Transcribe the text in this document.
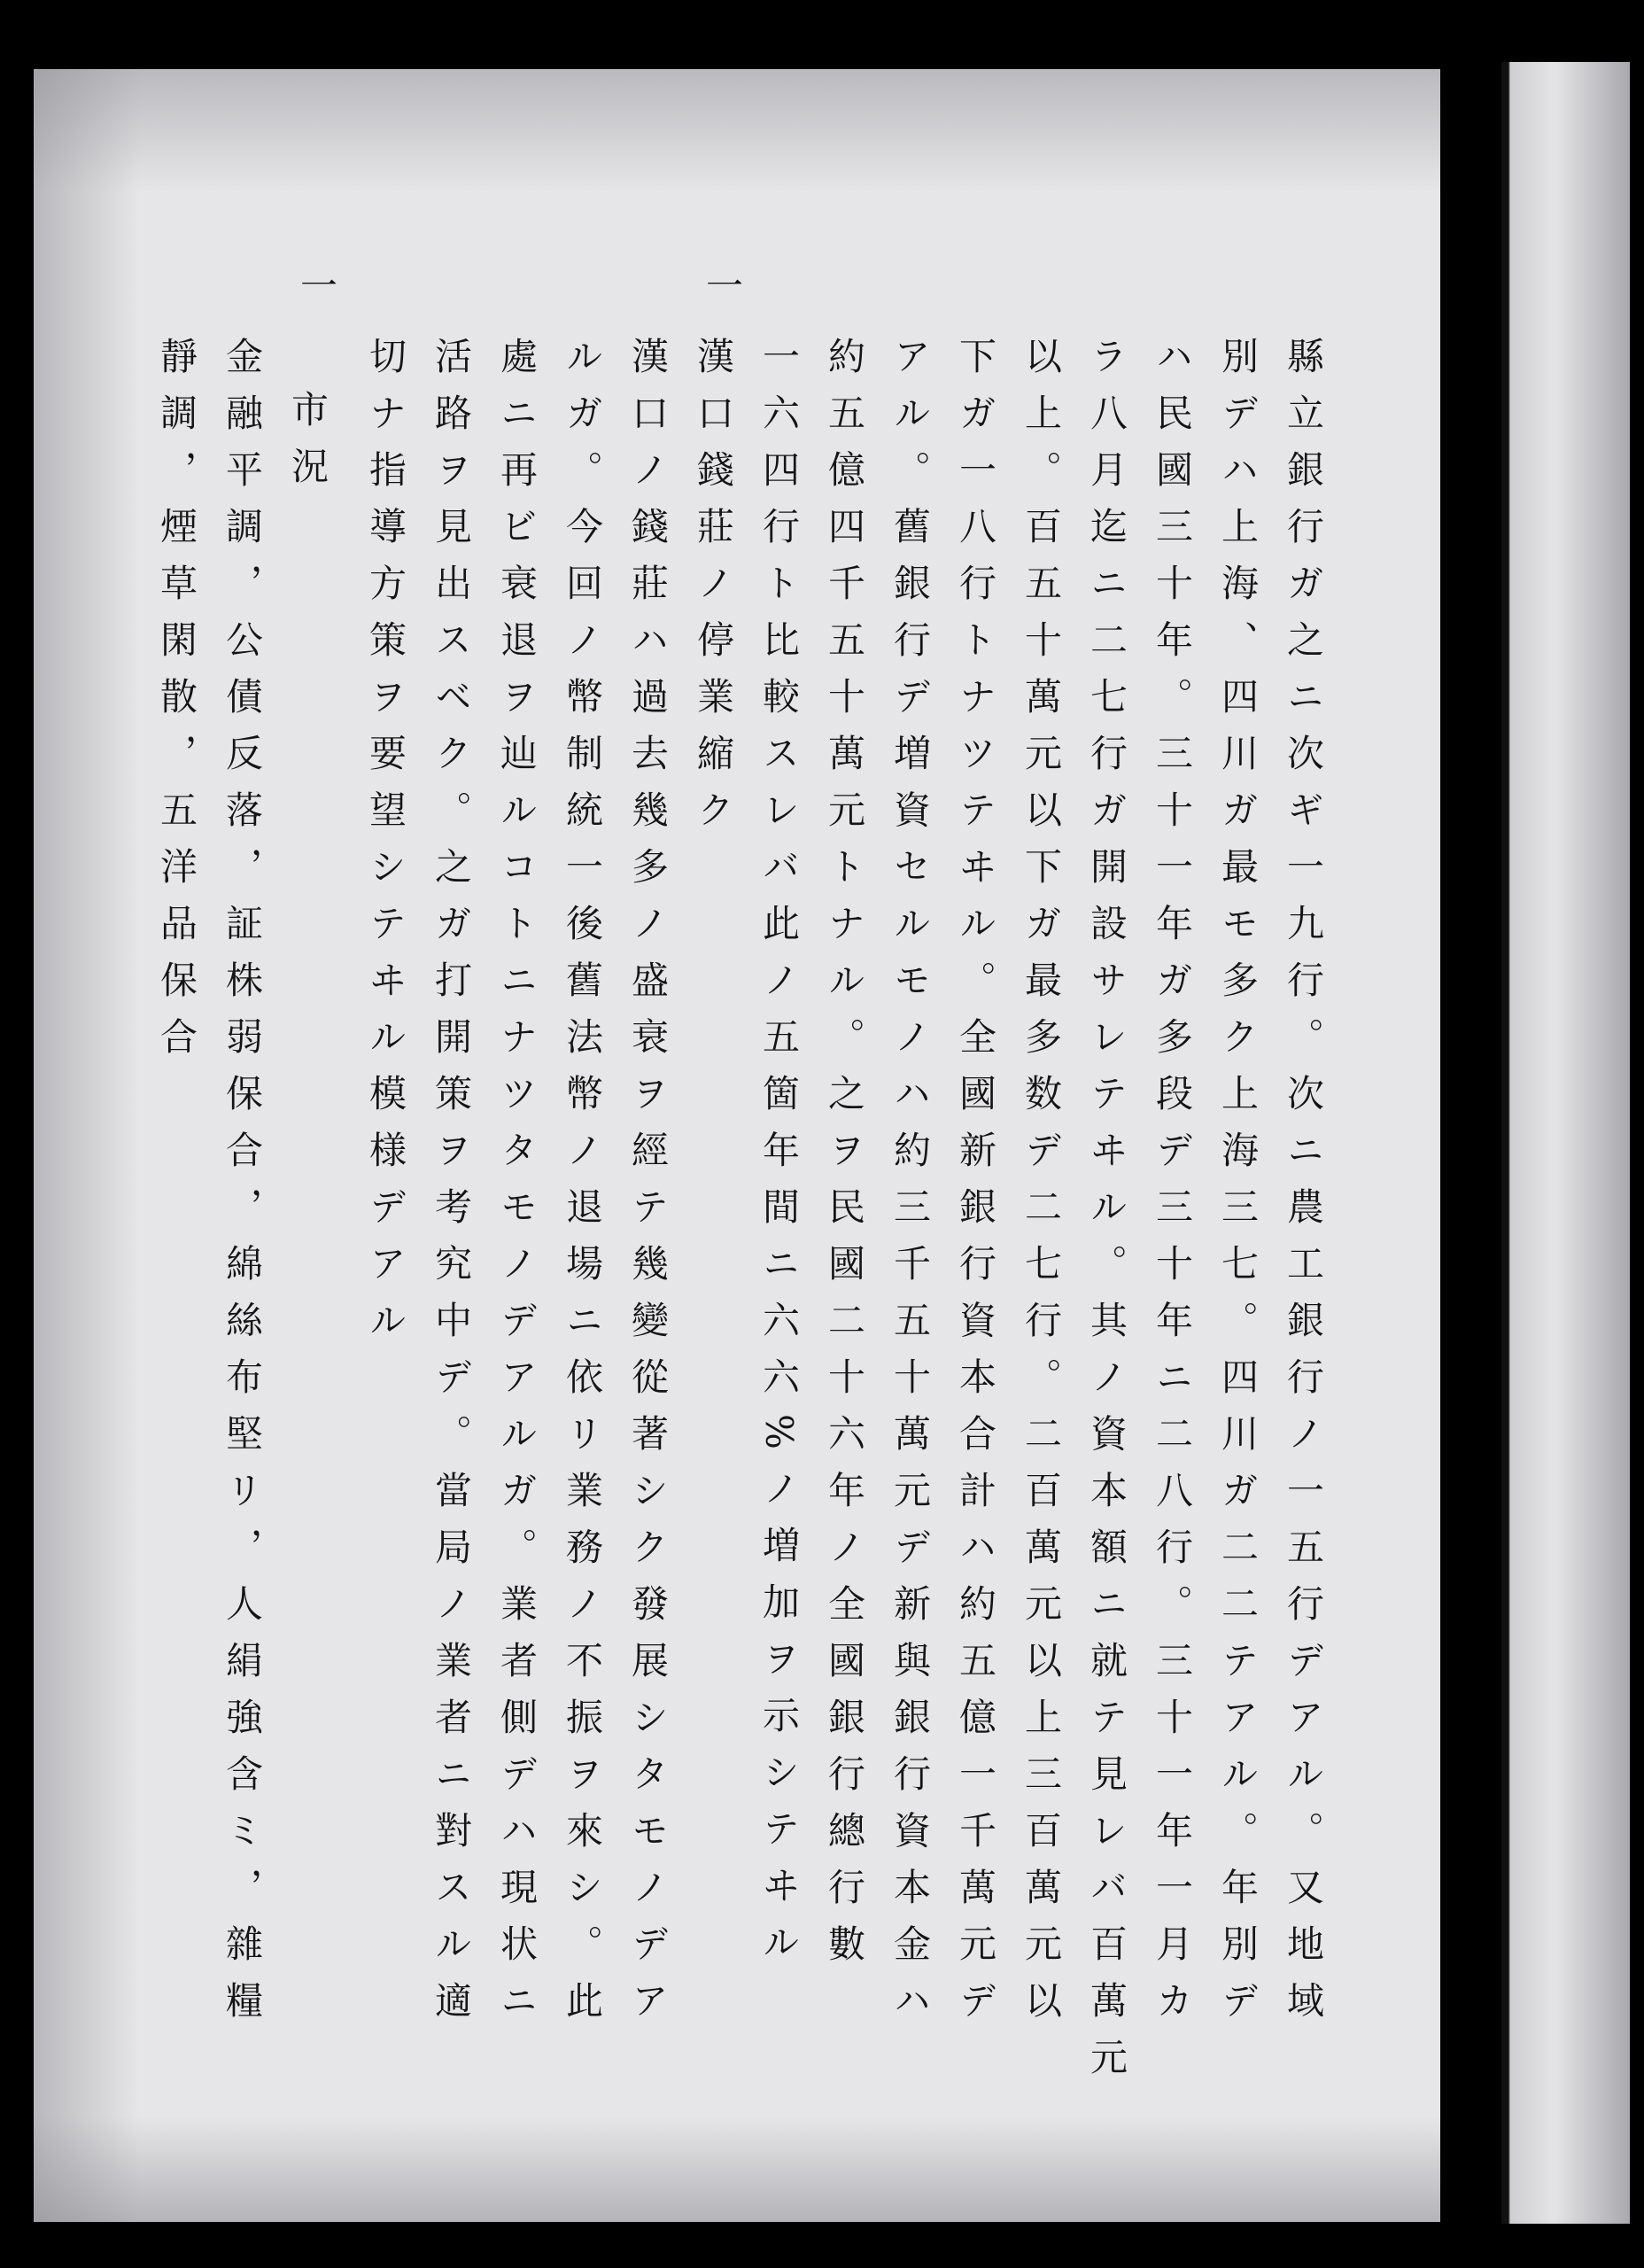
一
一
縣立銀行ガ之ニ次ギ一九行。次ニ農工銀行ノ一五行デアル。又地域
別デハ上海、四川ガ最モ多ク上海三七。四川ガ二二テアル。年別デ
ハ民國三十年。三十一年ガ多段デ三十年ニ二八行。三十一年一月カ
ラ八月迄ニ二七行ガ開設サレテヰル。其ノ資本額ニ就テ見レバ百萬元
以上。百五十萬元以下ガ最多数デ二七行。二百萬元以上三百萬元以
下ガ一八行トナツテヰル。全國新銀行資本合計ハ約五億一千萬元デ
アル。舊銀行デ増資セルモノハ約三千五十萬元デ新與銀行資本金ハ
約五億四千五十萬元トナル。之ヲ民國二十六年ノ全國銀行總行數
一六四行ト比較スレバ此ノ五箇年間ニ六六%ノ増加ヲ示シテヰル
漢口錢莊ノ停業縮ク
漢口ノ錢莊ハ過去幾多ノ盛衰ヲ經テ幾變從著シク發展シタモノデア
ルガ。今回ノ幣制統一後舊法幣ノ退場ニ依リ業務ノ不振ヲ來シ。此
處ニ再ビ衰退ヲ辿ルコトニナツタモノデアルガ。業者側デハ現状ニ
活路ヲ見出スベク。之ガ打開策ヲ考究中デ。當局ノ業者ニ對スル適
切ナ指導方策ヲ要望シテヰル模様デアル
市況
金融平調，公債反落，証株弱保合，綿絲布堅リ，人絹強含ミ，雜糧
靜調，煙草閑散，五洋品保合
